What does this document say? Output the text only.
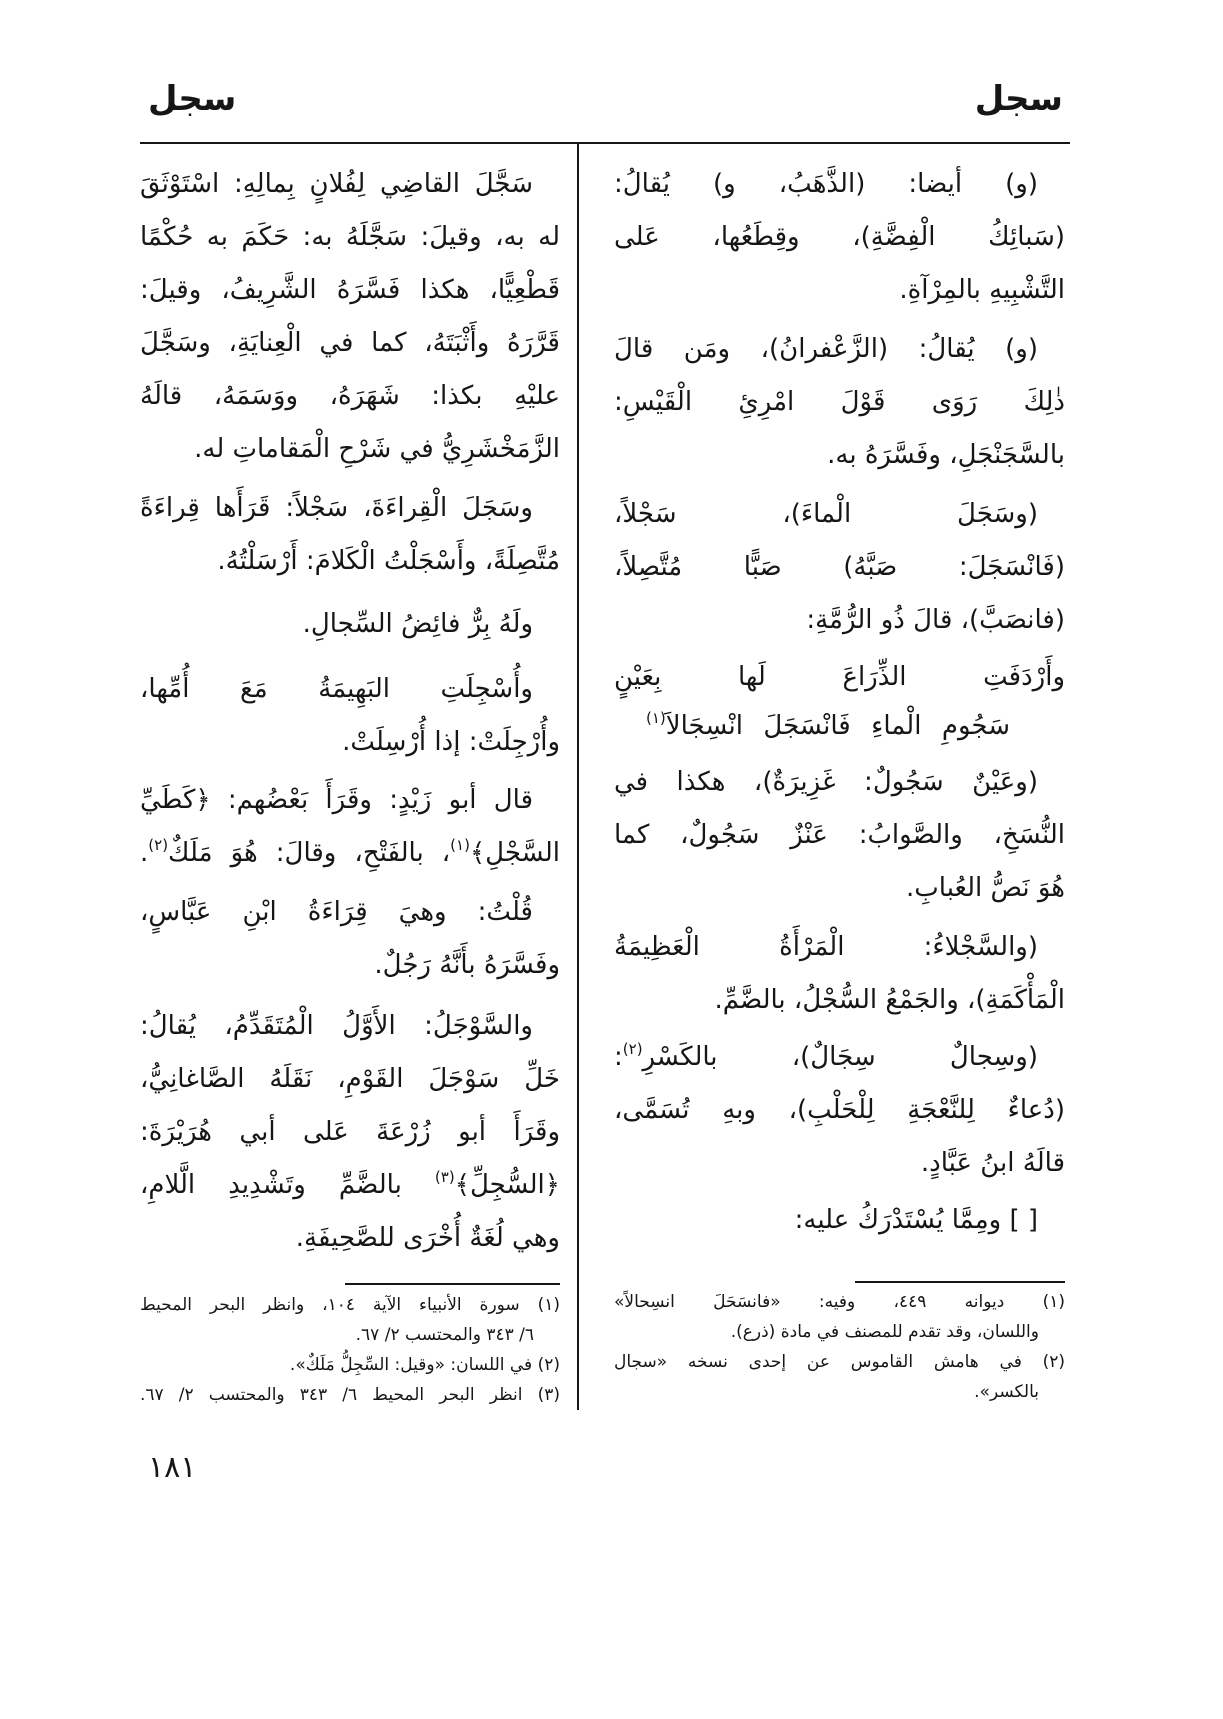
سجل
سجل
(و) أيضا: (الذَّهَبُ، و) يُقالُ:
(سَبائِكُ الْفِضَّةِ)، وقِطَعُها، عَلى
التَّشْبِيهِ بالمِرْآةِ.
(و) يُقالُ: (الزَّعْفرانُ)، ومَن قالَ
ذٰلِكَ رَوَى قَوْلَ امْرِئِ الْقَيْسِ:
بالسَّجَنْجَلِ، وفَسَّرَهُ به.
(وسَجَلَ الْماءَ)، سَجْلاً،
(فَانْسَجَلَ: صَبَّهُ) صَبًّا مُتَّصِلاً،
(فانصَبَّ)، قالَ ذُو الرُّمَّةِ:
وأَرْدَفَتِ الذِّرَاعَ لَها بِعَيْنٍ
سَجُومِ الْماءِ فَانْسَجَلَ انْسِجَالاَ$^{(١)}$
(وعَيْنٌ سَجُولٌ: غَزِيرَةٌ)، هكذا في
النُّسَخِ، والصَّوابُ: عَنْزٌ سَجُولٌ، كما
هُوَ نَصُّ العُبابِ.
(والسَّجْلاءُ: الْمَرْأَةُ الْعَظِيمَةُ
الْمَأْكَمَةِ)، والجَمْعُ السُّجْلُ، بالضَّمِّ.
(وسِجالٌ سِجَالٌ)، بالكَسْرِ$^{(٢)}$:
(دُعاءٌ لِلنَّعْجَةِ لِلْحَلْبِ)، وبهِ تُسَمَّى،
قالَهُ ابنُ عَبَّادٍ.
[ ] ومِمَّا يُسْتَدْرَكُ عليه:
سَجَّلَ القاضِي لِفُلانٍ بِمالِهِ: اسْتَوْثَقَ
له به، وقيلَ: سَجَّلَهُ به: حَكَمَ به حُكْمًا
قَطْعِيًّا، هكذا فَسَّرَهُ الشَّرِيفُ، وقيلَ:
قَرَّرَهُ وأَثْبَتَهُ، كما في الْعِنايَةِ، وسَجَّلَ
عليْهِ بكذا: شَهَرَهُ، ووَسَمَهُ، قالَهُ
الزَّمَخْشَرِيُّ في شَرْحِ الْمَقاماتِ له.
وسَجَلَ الْقِراءَةَ، سَجْلاً: قَرَأَها قِراءَةً
مُتَّصِلَةً، وأَسْجَلْتُ الْكَلامَ: أَرْسَلْتُهُ.
ولَهُ بِرٌّ فائِضُ السِّجالِ.
وأُسْجِلَتِ البَهِيمَةُ مَعَ أُمِّها،
وأُرْجِلَتْ: إذا أُرْسِلَتْ.
قال أبو زَيْدٍ: وقَرَأَ بَعْضُهم: ﴿كَطَيِّ
السَّجْلِ﴾$^{(١)}$، بالفَتْحِ، وقالَ: هُوَ مَلَكٌ$^{(٢)}$.
قُلْتُ: وهيَ قِرَاءَةُ ابْنِ عَبَّاسٍ،
وفَسَّرَهُ بأَنَّهُ رَجُلٌ.
والسَّوْجَلُ: الأَوَّلُ الْمُتَقَدِّمُ، يُقالُ:
خَلِّ سَوْجَلَ القَوْمِ، نَقَلَهُ الصَّاغانِيُّ،
وقَرَأَ أبو زُرْعَةَ عَلى أبي هُرَيْرَةَ:
﴿السُّجِلِّ﴾$^{(٣)}$ بالضَّمِّ وتَشْدِيدِ الَّلامِ،
وهي لُغَةٌ أُخْرَى للصَّحِيفَةِ.
(١) ديوانه ٤٤٩، وفيه: «فانسَحَلَ انسِحالاً»
واللسان، وقد تقدم للمصنف في مادة (ذرع).
(٢) في هامش القاموس عن إحدى نسخه «سجال
بالكسر».
(١) سورة الأنبياء الآية ١٠٤، وانظر البحر المحيط
٦/ ٣٤٣ والمحتسب ٢/ ٦٧.
(٢) في اللسان: «وقيل: السِّجِلُّ مَلَكٌ».
(٣) انظر البحر المحيط ٦/ ٣٤٣ والمحتسب ٢/ ٦٧.
١٨١
